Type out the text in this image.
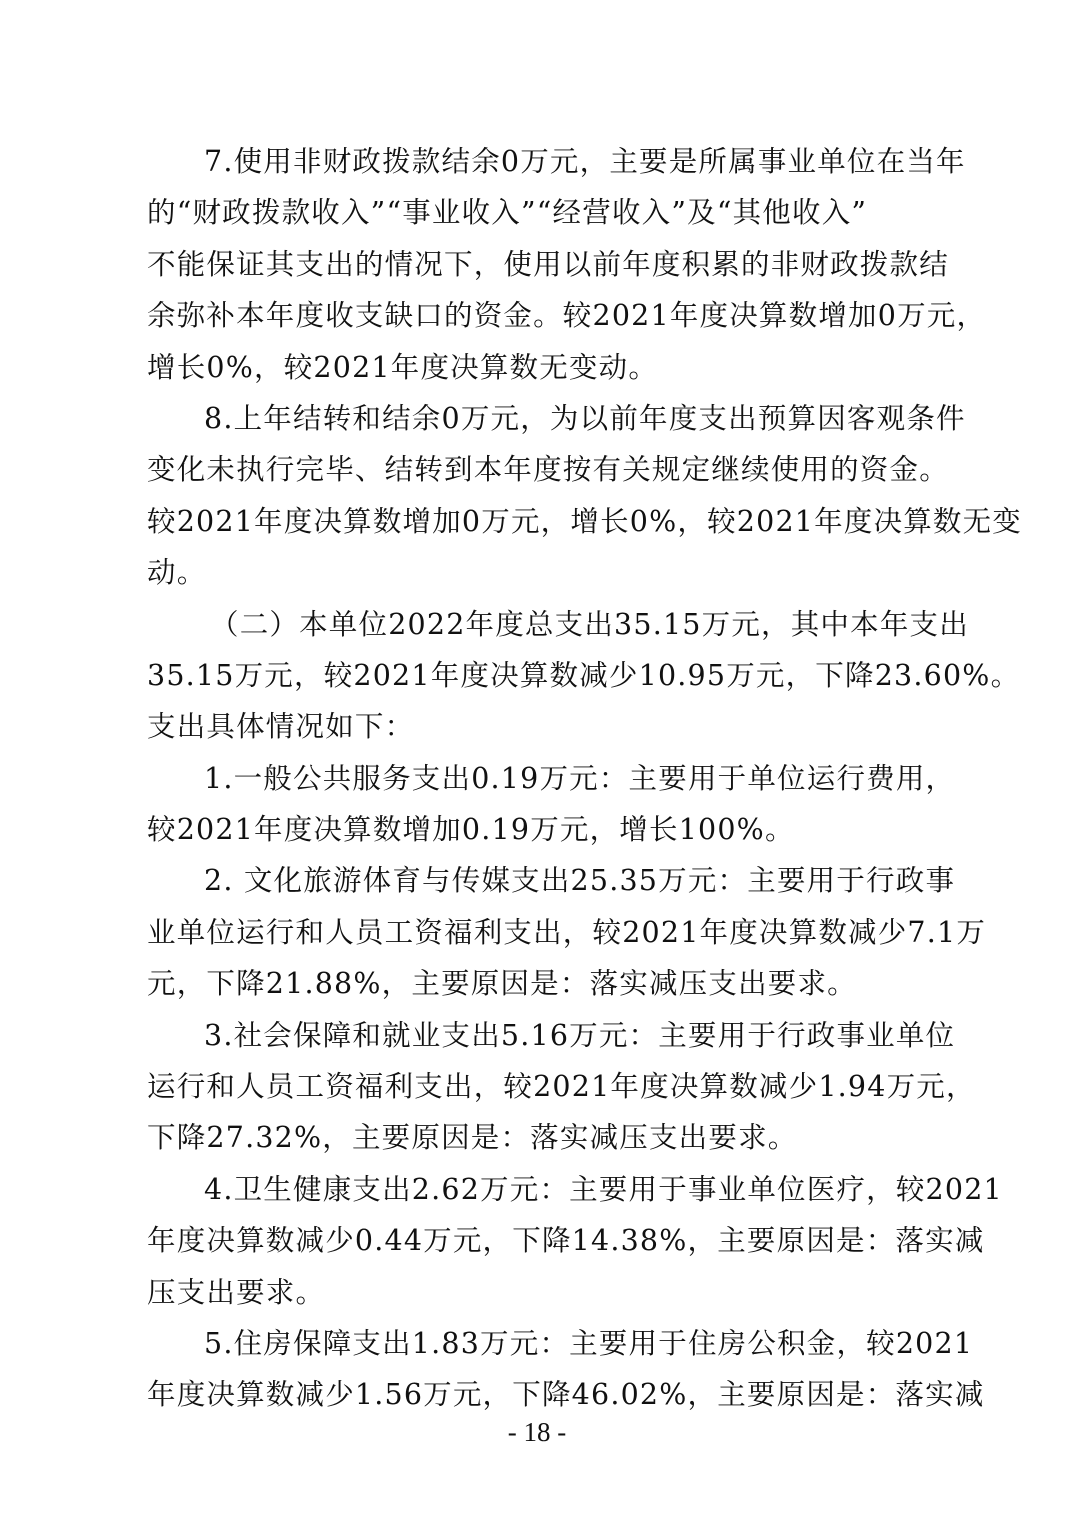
7.使用非财政拨款结余0万元，主要是所属事业单位在当年
的“财政拨款收入”“事业收入”“经营收入”及“其他收入”
不能保证其支出的情况下，使用以前年度积累的非财政拨款结
余弥补本年度收支缺口的资金。较2021年度决算数增加0万元，
增长0%，较2021年度决算数无变动。
8.上年结转和结余0万元，为以前年度支出预算因客观条件
变化未执行完毕、结转到本年度按有关规定继续使用的资金。
较2021年度决算数增加0万元，增长0%，较2021年度决算数无变
动。
（二）本单位2022年度总支出35.15万元，其中本年支出
35.15万元，较2021年度决算数减少10.95万元，下降23.60%。
支出具体情况如下：
1.一般公共服务支出0.19万元：主要用于单位运行费用，
较2021年度决算数增加0.19万元，增长100%。
2. 文化旅游体育与传媒支出25.35万元：主要用于行政事
业单位运行和人员工资福利支出，较2021年度决算数减少7.1万
元，下降21.88%，主要原因是：落实减压支出要求。
3.社会保障和就业支出5.16万元：主要用于行政事业单位
运行和人员工资福利支出，较2021年度决算数减少1.94万元，
下降27.32%，主要原因是：落实减压支出要求。
4.卫生健康支出2.62万元：主要用于事业单位医疗，较2021
年度决算数减少0.44万元，下降14.38%，主要原因是：落实减
压支出要求。
5.住房保障支出1.83万元：主要用于住房公积金，较2021
年度决算数减少1.56万元，下降46.02%，主要原因是：落实减
- 18 -
